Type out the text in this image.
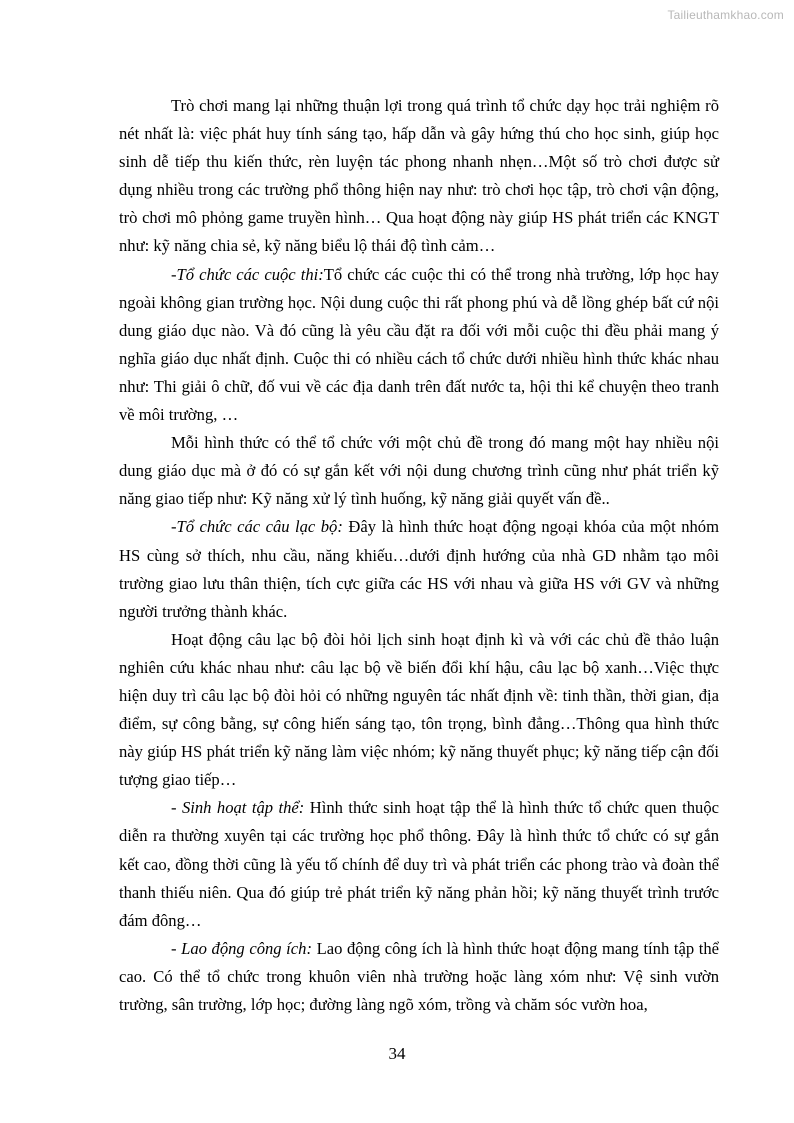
Tailieuthamkhao.com

Trò chơi mang lại những thuận lợi trong quá trình tổ chức dạy học trải nghiệm rõ nét nhất là: việc phát huy tính sáng tạo, hấp dẫn và gây hứng thú cho học sinh, giúp học sinh dễ tiếp thu kiến thức, rèn luyện tác phong nhanh nhẹn…Một số trò chơi được sử dụng nhiều trong các trường phổ thông hiện nay như: trò chơi học tập, trò chơi vận động, trò chơi mô phỏng game truyền hình… Qua hoạt động này giúp HS phát triển các KNGT như: kỹ năng chia sẻ, kỹ năng biểu lộ thái độ tình cảm…

-Tổ chức các cuộc thi:Tổ chức các cuộc thi có thể trong nhà trường, lớp học hay ngoài không gian trường học. Nội dung cuộc thi rất phong phú và dễ lồng ghép bất cứ nội dung giáo dục nào. Và đó cũng là yêu cầu đặt ra đối với mỗi cuộc thi đều phải mang ý nghĩa giáo dục nhất định. Cuộc thi có nhiều cách tổ chức dưới nhiều hình thức khác nhau như: Thi giải ô chữ, đố vui về các địa danh trên đất nước ta, hội thi kể chuyện theo tranh về môi trường, …

Mỗi hình thức có thể tổ chức với một chủ đề trong đó mang một hay nhiều nội dung giáo dục mà ở đó có sự gắn kết với nội dung chương trình cũng như phát triển kỹ năng giao tiếp như: Kỹ năng xử lý tình huống, kỹ năng giải quyết vấn đề..

-Tổ chức các câu lạc bộ: Đây là hình thức hoạt động ngoại khóa của một nhóm HS cùng sở thích, nhu cầu, năng khiếu…dưới định hướng của nhà GD nhằm tạo môi trường giao lưu thân thiện, tích cực giữa các HS với nhau và giữa HS với GV và những người trưởng thành khác.

Hoạt động câu lạc bộ đòi hỏi lịch sinh hoạt định kì và với các chủ đề thảo luận nghiên cứu khác nhau như: câu lạc bộ về biến đổi khí hậu, câu lạc bộ xanh…Việc thực hiện duy trì câu lạc bộ đòi hỏi có những nguyên tác nhất định về: tinh thần, thời gian, địa điểm, sự công bằng, sự công hiến sáng tạo, tôn trọng, bình đẳng…Thông qua hình thức này giúp HS phát triển kỹ năng làm việc nhóm; kỹ năng thuyết phục; kỹ năng tiếp cận đối tượng giao tiếp…

- Sinh hoạt tập thể: Hình thức sinh hoạt tập thể là hình thức tổ chức quen thuộc diễn ra thường xuyên tại các trường học phổ thông. Đây là hình thức tổ chức có sự gắn kết cao, đồng thời cũng là yếu tố chính để duy trì và phát triển các phong trào và đoàn thể thanh thiếu niên. Qua đó giúp trẻ phát triển kỹ năng phản hồi; kỹ năng thuyết trình trước đám đông…

- Lao động công ích: Lao động công ích là hình thức hoạt động mang tính tập thể cao. Có thể tổ chức trong khuôn viên nhà trường hoặc làng xóm như: Vệ sinh vườn trường, sân trường, lớp học; đường làng ngõ xóm, trồng và chăm sóc vườn hoa,

34
